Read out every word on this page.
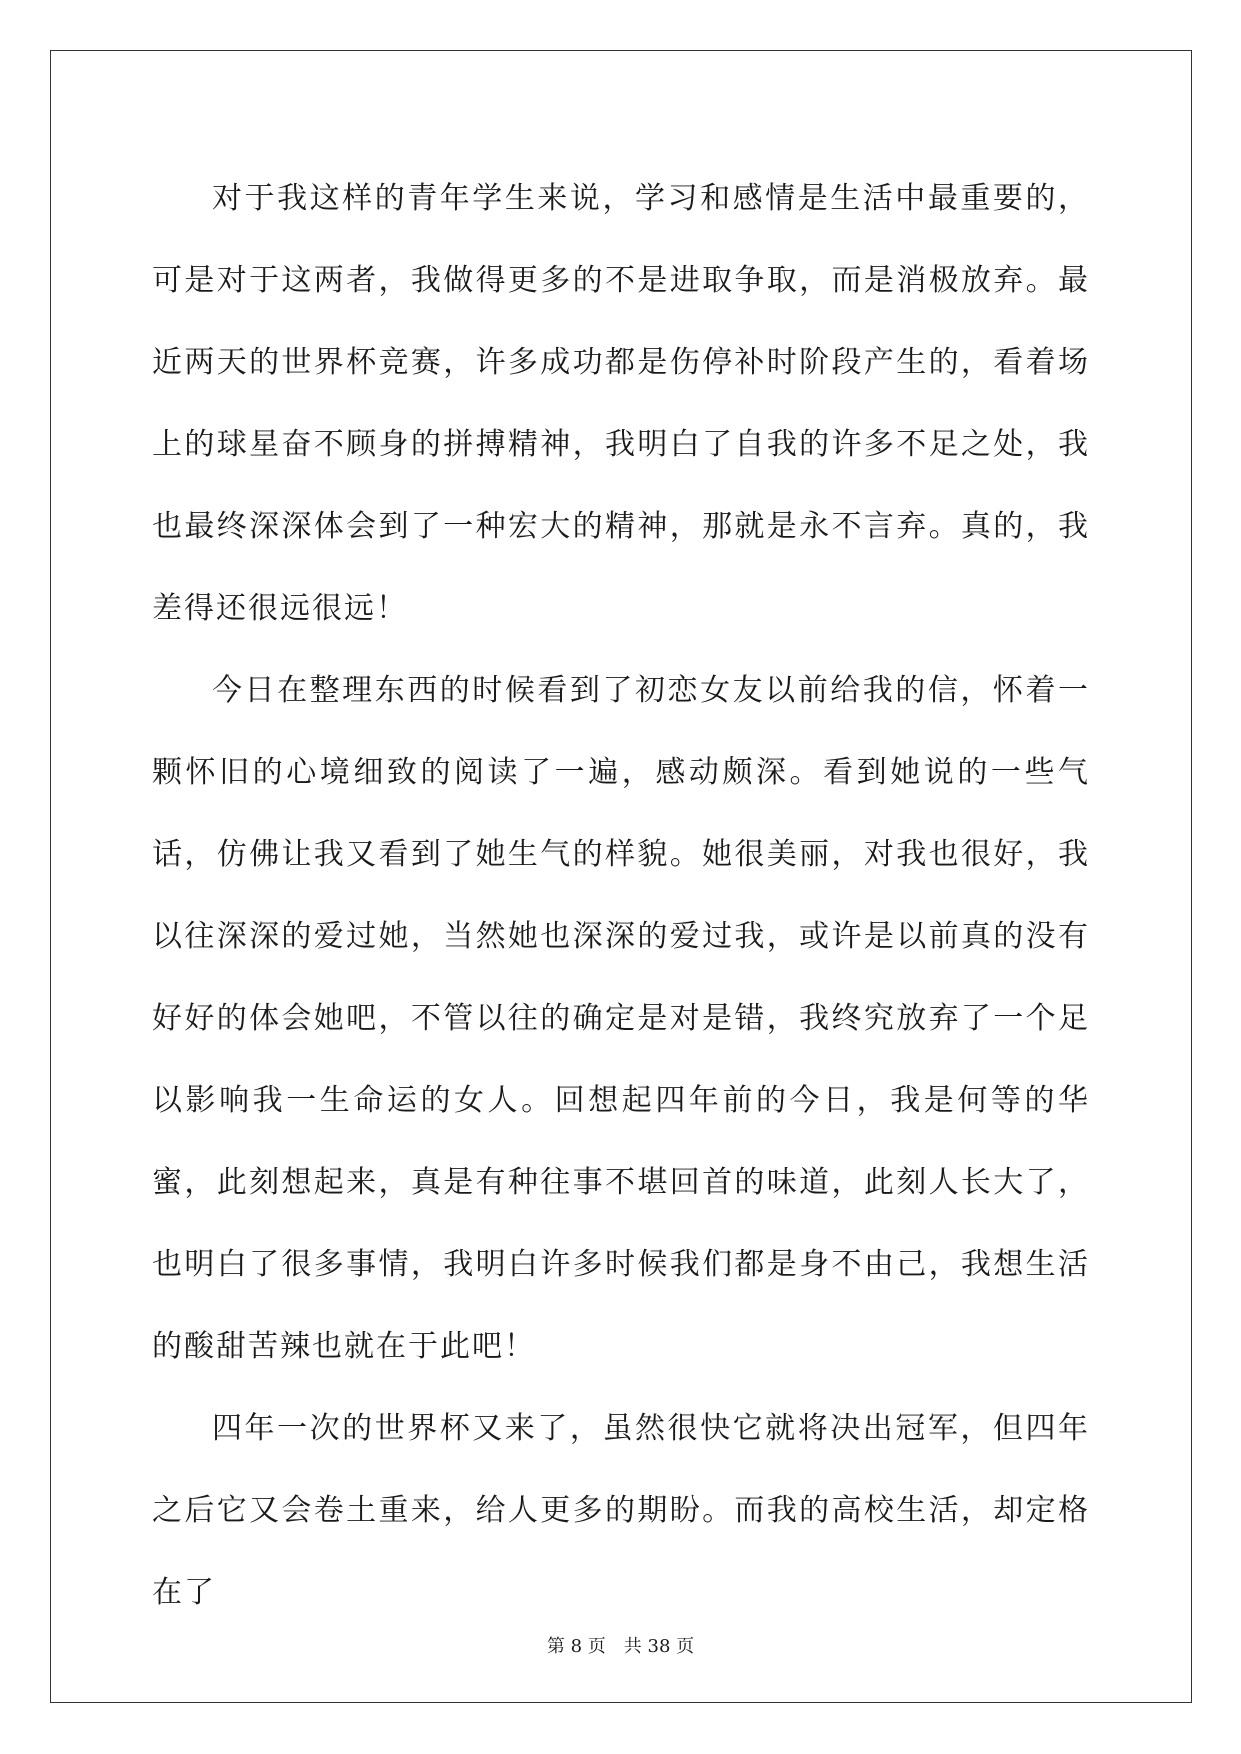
对于我这样的青年学生来说，学习和感情是生活中最重要的，可是对于这两者，我做得更多的不是进取争取，而是消极放弃。最近两天的世界杯竞赛，许多成功都是伤停补时阶段产生的，看着场上的球星奋不顾身的拼搏精神，我明白了自我的许多不足之处，我也最终深深体会到了一种宏大的精神，那就是永不言弃。真的，我差得还很远很远！

今日在整理东西的时候看到了初恋女友以前给我的信，怀着一颗怀旧的心境细致的阅读了一遍，感动颇深。看到她说的一些气话，仿佛让我又看到了她生气的样貌。她很美丽，对我也很好，我以往深深的爱过她，当然她也深深的爱过我，或许是以前真的没有好好的体会她吧，不管以往的确定是对是错，我终究放弃了一个足以影响我一生命运的女人。回想起四年前的今日，我是何等的华蜜，此刻想起来，真是有种往事不堪回首的味道，此刻人长大了，也明白了很多事情，我明白许多时候我们都是身不由己，我想生活的酸甜苦辣也就在于此吧！

四年一次的世界杯又来了，虽然很快它就将决出冠军，但四年之后它又会卷土重来，给人更多的期盼。而我的高校生活，却定格在了

第 8 页　共 38 页
